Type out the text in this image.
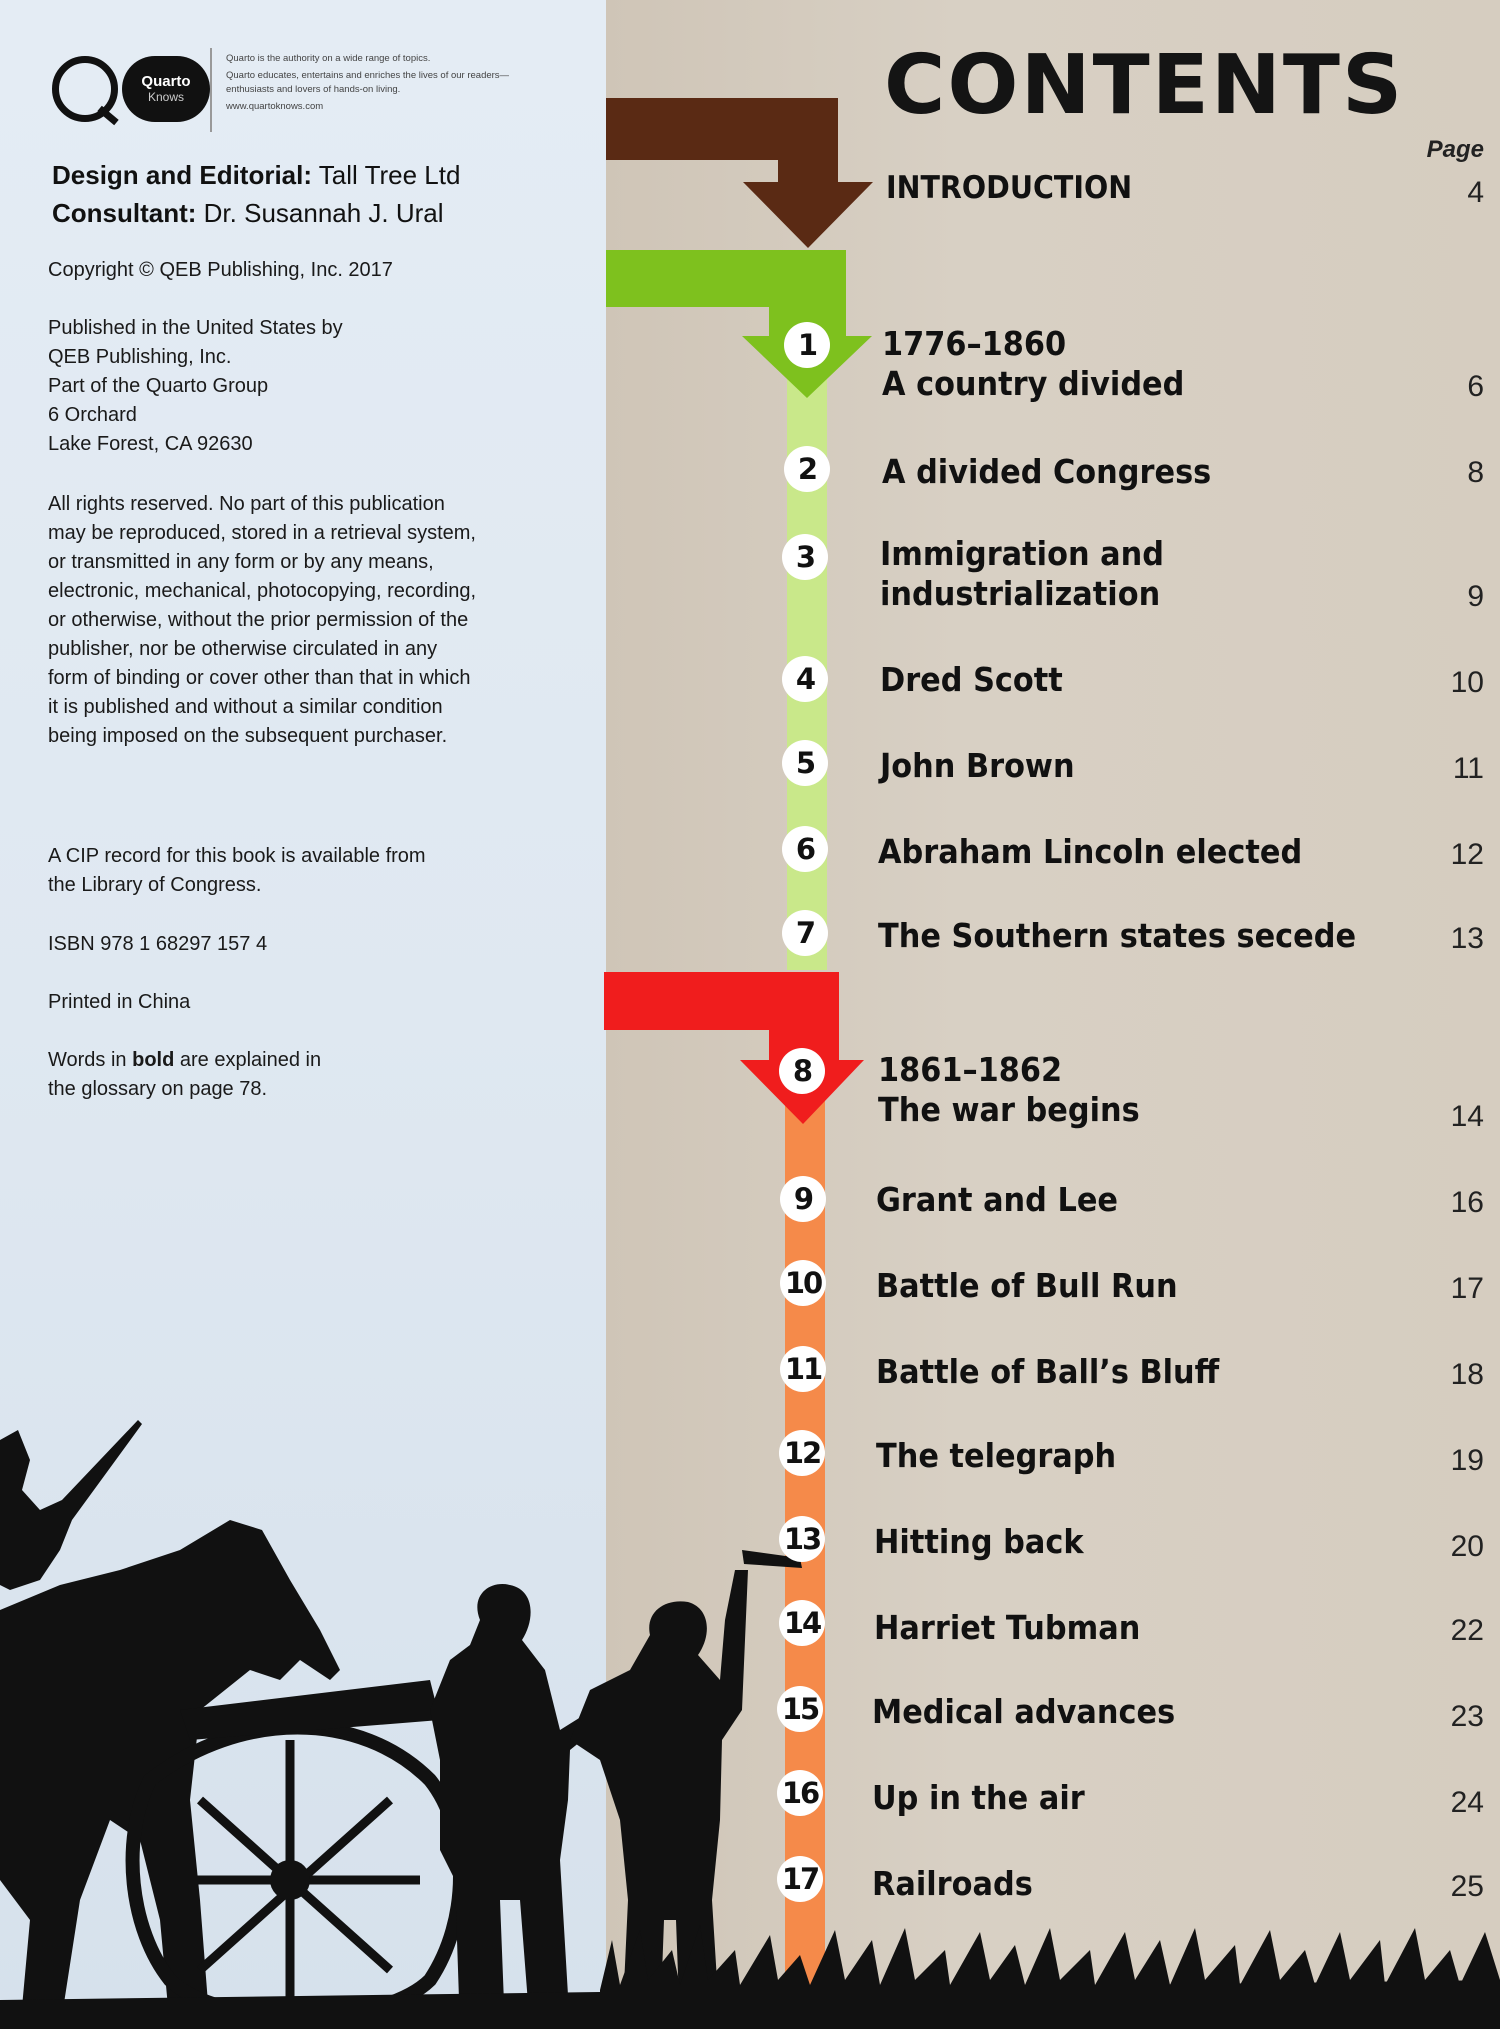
Quarto
Knows

Quarto is the authority on a wide range of topics.

Quarto educates, entertains and enriches the lives of our readers—enthusiasts and lovers of hands-on living.

www.quartoknows.com

Design and Editorial: Tall Tree Ltd
Consultant: Dr. Susannah J. Ural

Copyright © QEB Publishing, Inc. 2017

Published in the United States by
QEB Publishing, Inc.
Part of the Quarto Group
6 Orchard
Lake Forest, CA 92630

All rights reserved. No part of this publication may be reproduced, stored in a retrieval system, or transmitted in any form or by any means, electronic, mechanical, photocopying, recording, or otherwise, without the prior permission of the publisher, nor be otherwise circulated in any form of binding or cover other than that in which it is published and without a similar condition being imposed on the subsequent purchaser.

A CIP record for this book is available from the Library of Congress.

ISBN 978 1 68297 157 4

Printed in China

Words in bold are explained in the glossary on page 78.

CONTENTS
Page
INTRODUCTION	4
1	1776–1860
A country divided	6
2	A divided Congress	8
3	Immigration and
industrialization	9
4	Dred Scott	10
5	John Brown	11
6	Abraham Lincoln elected	12
7	The Southern states secede	13
8	1861–1862
The war begins	14
9	Grant and Lee	16
10 Battle of Bull Run	17
11 Battle of Ball’s Bluff	18
12 The telegraph	19
13 Hitting back	20
14 Harriet Tubman	22
15 Medical advances	23
16 Up in the air	24
17 Railroads	25
